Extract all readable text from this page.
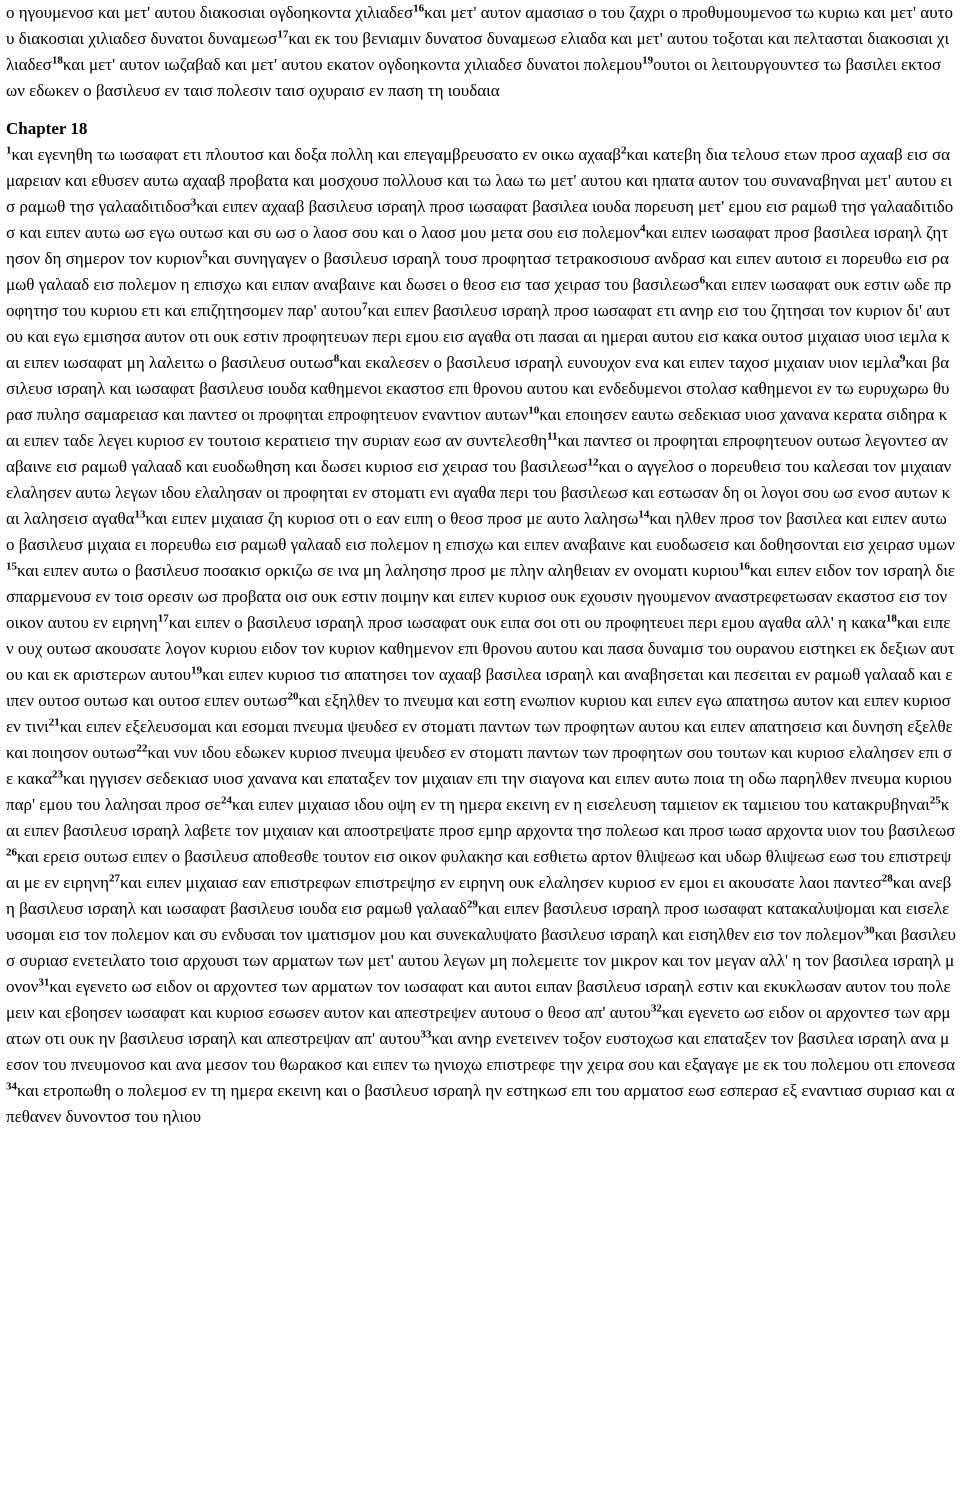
ο ηγουμενοσ και μετ' αυτου διακοσιαι ογδοηκοντα χιλιαδεσ$^{16}$και μετ' αυτον αμασιασ ο του ζαχρι ο προθυμουμενοσ τω κυριω και μετ' αυτου διακοσιαι χιλιαδεσ δυνατοι δυναμεωσ$^{17}$και εκ του βενιαμιν δυνατοσ δυναμεωσ ελιαδα και μετ' αυτου τοξοται και πελτασται διακοσιαι χιλιαδεσ$^{18}$και μετ' αυτον ιωζαβαδ και μετ' αυτου εκατον ογδοηκοντα χιλιαδεσ δυνατοι πολεμου$^{19}$ουτοι οι λειτουργουντεσ τω βασιλει εκτοσ ων εδωκεν ο βασιλευσ εν ταισ πολεσιν ταισ οχυραισ εν παση τη ιουδαια
Chapter 18
$^1$και εγενηθη τω ιωσαφατ ετι πλουτοσ και δοξα πολλη και επεγαμβρευσατο εν οικω αχααβ$^2$και κατεβη δια τελουσ ετων προσ αχααβ εισ σαμαρειαν και εθυσεν αυτω αχααβ προβατα και μοσχουσ πολλουσ και τω λαω τω μετ' αυτου και ηπατα αυτον του συναναβηναι μετ' αυτου εισ ραμωθ τησ γαλααδιτιδοσ$^3$και ειπεν αχααβ βασιλευσ ισραηλ προσ ιωσαφατ βασιλεα ιουδα πορευση μετ' εμου εισ ραμωθ τησ γαλααδιτιδοσ και ειπεν αυτω ωσ εγω ουτωσ και συ ωσ ο λαοσ σου και ο λαοσ μου μετα σου εισ πολεμον$^4$και ειπεν ιωσαφατ προσ βασιλεα ισραηλ ζητησον δη σημερον τον κυριον$^5$και συνηγαγεν ο βασιλευσ ισραηλ τουσ προφητασ τετρακοσιουσ ανδρασ και ειπεν αυτοισ ει πορευθω εισ ραμωθ γαλααδ εισ πολεμον η επισχω και ειπαν αναβαινε και δωσει ο θεοσ εισ τασ χειρασ του βασιλεωσ$^6$και ειπεν ιωσαφατ ουκ εστιν ωδε προφητησ του κυριου ετι και επιζητησομεν παρ' αυτου$^7$και ειπεν βασιλευσ ισραηλ προσ ιωσαφατ ετι ανηρ εισ του ζητησαι τον κυριον δι' αυτου και εγω εμισησα αυτον οτι ουκ εστιν προφητευων περι εμου εισ αγαθα οτι πασαι αι ημεραι αυτου εισ κακα ουτοσ μιχαιασ υιοσ ιεμλα και ειπεν ιωσαφατ μη λαλειτω ο βασιλευσ ουτωσ$^8$και εκαλεσεν ο βασιλευσ ισραηλ ευνουχον ενα και ειπεν ταχοσ μιχαιαν υιον ιεμλα$^9$και βασιλευσ ισραηλ και ιωσαφατ βασιλευσ ιουδα καθημενοι εκαστοσ επι θρονου αυτου και ενδεδυμενοι στολασ καθημενοι εν τω ευρυχωρω θυρασ πυλησ σαμαρειασ και παντεσ οι προφηται επροφητευον εναντιον αυτων$^{10}$και εποιησεν εαυτω σεδεκιασ υιοσ χανανα κερατα σιδηρα και ειπεν ταδε λεγει κυριοσ εν τουτοισ κερατιεισ την συριαν εωσ αν συντελεσθη$^{11}$και παντεσ οι προφηται επροφητευον ουτωσ λεγοντεσ αναβαινε εισ ραμωθ γαλααδ και ευοδωθηση και δωσει κυριοσ εισ χειρασ του βασιλεωσ$^{12}$και ο αγγελοσ ο πορευθεισ του καλεσαι τον μιχαιαν ελαλησεν αυτω λεγων ιδου ελαλησαν οι προφηται εν στοματι ενι αγαθα περι του βασιλεωσ και εστωσαν δη οι λογοι σου ωσ ενοσ αυτων και λαλησεισ αγαθα$^{13}$και ειπεν μιχαιασ ζη κυριοσ οτι ο εαν ειπη ο θεοσ προσ με αυτο λαλησω$^{14}$και ηλθεν προσ τον βασιλεα και ειπεν αυτω ο βασιλευσ μιχαια ει πορευθω εισ ραμωθ γαλααδ εισ πολεμον η επισχω και ειπεν αναβαινε και ευοδωσεισ και δοθησονται εισ χειρασ υμων$^{15}$και ειπεν αυτω ο βασιλευσ ποσακισ ορκιζω σε ινα μη λαλησησ προσ με πλην αληθειαν εν ονοματι κυριου$^{16}$και ειπεν ειδον τον ισραηλ διεσπαρμενουσ εν τοισ ορεσιν ωσ προβατα οισ ουκ εστιν ποιμην και ειπεν κυριοσ ουκ εχουσιν ηγουμενον αναστρεφετωσαν εκαστοσ εισ τον οικον αυτου εν ειρηνη$^{17}$και ειπεν ο βασιλευσ ισραηλ προσ ιωσαφατ ουκ ειπα σοι οτι ου προφητευει περι εμου αγαθα αλλ' η κακα$^{18}$και ειπεν ουχ ουτωσ ακουσατε λογον κυριου ειδον τον κυριον καθημενον επι θρονου αυτου και πασα δυναμισ του ουρανου ειστηκει εκ δεξιων αυτου και εκ αριστερων αυτου$^{19}$και ειπεν κυριοσ τισ απατησει τον αχααβ βασιλεα ισραηλ και αναβησεται και πεσειται εν ραμωθ γαλααδ και ειπεν ουτοσ ουτωσ και ουτοσ ειπεν ουτωσ$^{20}$και εξηλθεν το πνευμα και εστη ενωπιον κυριου και ειπεν εγω απατησω αυτον και ειπεν κυριοσ εν τινι$^{21}$και ειπεν εξελευσομαι και εσομαι πνευμα ψευδεσ εν στοματι παντων των προφητων αυτου και ειπεν απατησεισ και δυνηση εξελθε και ποιησον ουτωσ$^{22}$και νυν ιδου εδωκεν κυριοσ πνευμα ψευδεσ εν στοματι παντων των προφητων σου τουτων και κυριοσ ελαλησεν επι σε κακα$^{23}$και ηγγισεν σεδεκιασ υιοσ χανανα και επαταξεν τον μιχαιαν επι την σιαγονα και ειπεν αυτω ποια τη οδω παρηλθεν πνευμα κυριου παρ' εμου του λαλησαι προσ $\sigma\varepsilon^{24}\kappa\alpha\iota$ ειπεν μιχαιασ ιδου οψη εν τη ημερα εκεινη εν η εισελευση ταμιειον εκ ταμιειου του κατακρυβηναι$^{25}$και ειπεν βασιλευσ ισραηλ λαβετε τον μιχαιαν και αποστρεψατε προσ εμηρ αρχοντα τησ πολεωσ και προσ ιωασ αρχοντα υιον του βασιλεωσ$^{26}$και ερεισ ουτωσ ειπεν ο βασιλευσ αποθεσθε τουτον εισ οικον φυλακησ και εσθιετω αρτον θλιψεωσ και υδωρ θλιψεωσ εωσ του επιστρεψαι με εν ειρηνη$^{27}$και ειπεν μιχαιασ εαν επιστρεφων επιστρεψησ εν ειρηνη ουκ ελαλησεν κυριοσ εν εμοι ει ακουσατε λαοι παντεσ$^{28}$και ανεβη βασιλευσ ισραηλ και ιωσαφατ βασιλευσ ιουδα εισ ραμωθ γαλααδ$^{29}$και ειπεν βασιλευσ ισραηλ προσ ιωσαφατ κατακαλυψομαι και εισελευσομαι εισ τον πολεμον και συ ενδυσαι τον ιματισμον μου και συνεκαλυψατο βασιλευσ ισραηλ και εισηλθεν εισ τον πολεμον$^{30}$και βασιλευσ συριασ ενετειλατο τοισ αρχουσι των αρματων των μετ' αυτου λεγων μη πολεμειτε τον μικρον και τον μεγαν αλλ' η τον βασιλεα ισραηλ μονον$^{31}$και εγενετο ωσ ειδον οι αρχοντεσ των αρματων τον ιωσαφατ και αυτοι ειπαν βασιλευσ ισραηλ εστιν και εκυκλωσαν αυτον του πολεμειν και εβοησεν ιωσαφατ και κυριοσ εσωσεν αυτον και απεστρεψεν αυτουσ ο θεοσ απ' αυτου$^{32}$και εγενετο ωσ ειδον οι αρχοντεσ των αρματων οτι ουκ ην βασιλευσ ισραηλ και απεστρεψαν απ' αυτου$^{33}$και ανηρ ενετεινεν τοξον ευστοχωσ και επαταξεν τον βασιλεα ισραηλ ανα μεσον του πνευμονοσ και ανα μεσον του θωρακοσ και ειπεν τω ηνιοχω επιστρεφε την χειρα σου και εξαγαγε με εκ του πολεμου οτι επονεσα$^{34}$και ετροπωθη ο πολεμοσ εν τη ημερα εκεινη και ο βασιλευσ ισραηλ ην εστηκωσ επι του αρματοσ εωσ εσπερασ εξ εναντιασ συριασ και απεθανεν δυνοντοσ του ηλιου
